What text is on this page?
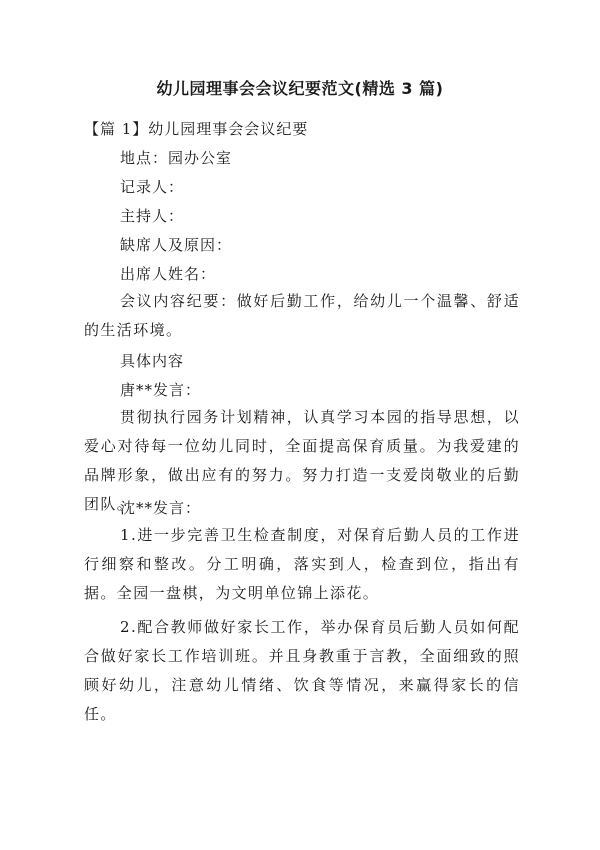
幼儿园理事会会议纪要范文(精选 3 篇)
【篇 1】幼儿园理事会会议纪要

地点：园办公室

记录人：

主持人：

缺席人及原因：

出席人姓名：

会议内容纪要：做好后勤工作，给幼儿一个温馨、舒适的生活环境。

具体内容

唐**发言：

贯彻执行园务计划精神，认真学习本园的指导思想，以爱心对待每一位幼儿同时，全面提高保育质量。为我爱建的品牌形象，做出应有的努力。努力打造一支爱岗敬业的后勤团队。

沈**发言：

1.进一步完善卫生检查制度，对保育后勤人员的工作进行细察和整改。分工明确，落实到人，检查到位，指出有据。全园一盘棋，为文明单位锦上添花。

2.配合教师做好家长工作，举办保育员后勤人员如何配合做好家长工作培训班。并且身教重于言教，全面细致的照顾好幼儿，注意幼儿情绪、饮食等情况，来赢得家长的信任。
